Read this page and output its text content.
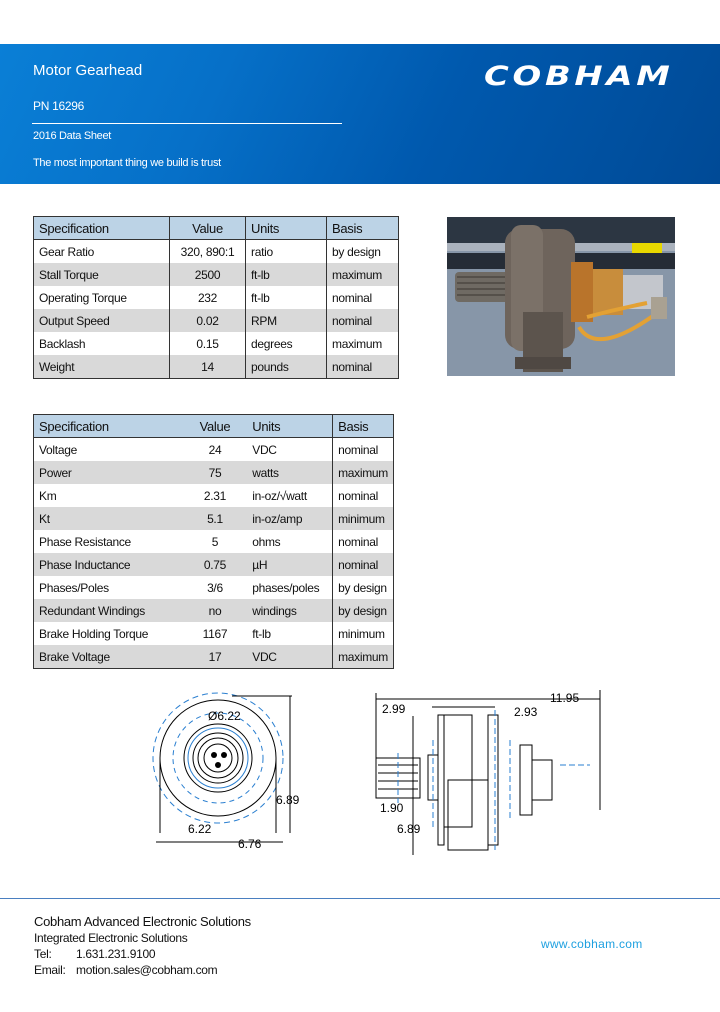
Motor Gearhead
PN 16296
2016 Data Sheet
The most important thing we build is trust
COBHAM
Specification	Value	Units	Basis
Gear Ratio	320, 890:1	ratio	by design
Stall Torque	2500	ft-lb	maximum
Operating Torque	232	ft-lb	nominal
Output Speed	0.02	RPM	nominal
Backlash	0.15	degrees	maximum
Weight	14	pounds	nominal
Specification	Value	Units	Basis
Voltage	24	VDC	nominal
Power	75	watts	maximum
Km	2.31	in-oz/√watt	nominal
Kt	5.1	in-oz/amp	minimum
Phase Resistance	5	ohms	nominal
Phase Inductance	0.75	µH	nominal
Phases/Poles	3/6	phases/poles	by design
Redundant Windings	no	windings	by design
Brake Holding Torque	1167	ft-lb	minimum
Brake Voltage	17	VDC	maximum
Ø6.22
6.22
6.89
6.76
11.95
2.99	2.93
1.90
6.89
Cobham Advanced Electronic Solutions
Integrated Electronic Solutions
Tel: 1.631.231.9100
Email: motion.sales@cobham.com
www.cobham.com
